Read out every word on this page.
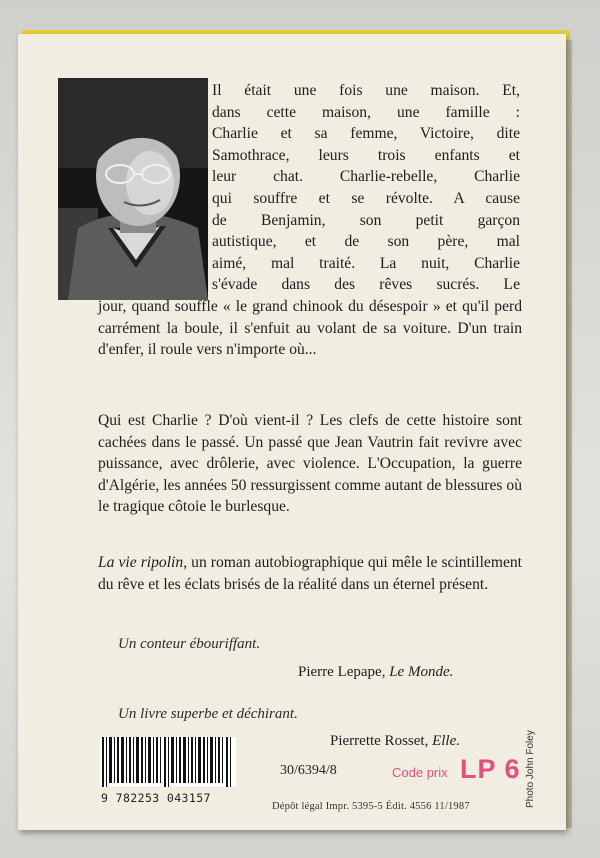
Il était une fois une maison. Et,

dans cette maison, une famille :

Charlie et sa femme, Victoire, dite

Samothrace, leurs trois enfants et

leur chat. Charlie-rebelle, Charlie

qui souffre et se révolte. A cause

de Benjamin, son petit garçon

autistique, et de son père, mal

aimé, mal traité. La nuit, Charlie

s'évade dans des rêves sucrés. Le

jour, quand souffle « le grand chinook du désespoir » et qu'il perd carrément la boule, il s'enfuit au volant de sa voiture. D'un train d'enfer, il roule vers n'importe où...

Qui est Charlie ? D'où vient-il ? Les clefs de cette histoire sont cachées dans le passé. Un passé que Jean Vautrin fait revivre avec puissance, avec drôlerie, avec violence. L'Occupation, la guerre d'Algérie, les années 50 ressurgissent comme autant de blessures où le tragique côtoie le burlesque.

La vie ripolin, un roman autobiographique qui mêle le scintillement du rêve et les éclats brisés de la réalité dans un éternel présent.

Un conteur ébouriffant.
Pierre Lepape, Le Monde.
Un livre superbe et déchirant.
Pierrette Rosset, Elle.
9 782253 043157
30/6394/8	Code prix LP 6
Dépôt légal Impr. 5395-5 Édit. 4556 11/1987	Photo John Foley
